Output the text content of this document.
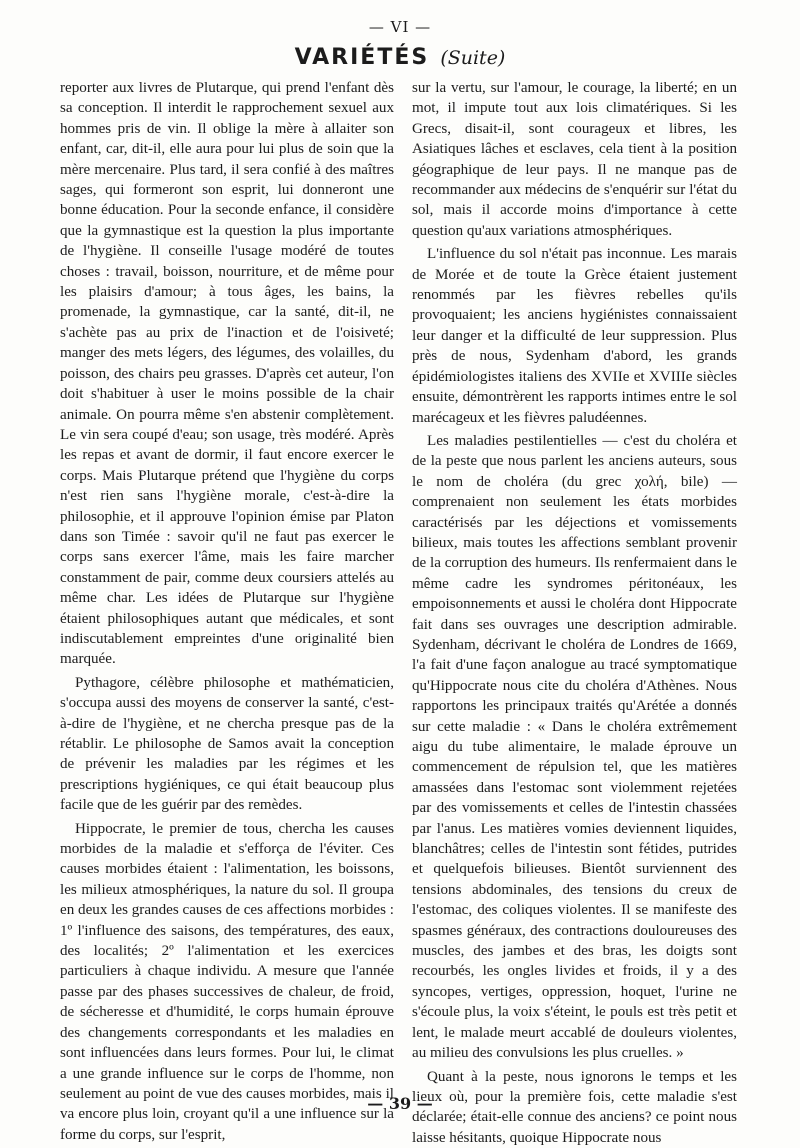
— VI —
VARIÉTÉS (Suite)

reporter aux livres de Plutarque, qui prend l'enfant dès sa conception. Il interdit le rapprochement sexuel aux hommes pris de vin. Il oblige la mère à allaiter son enfant, car, dit-il, elle aura pour lui plus de soin que la mère mercenaire. Plus tard, il sera confié à des maîtres sages, qui formeront son esprit, lui donneront une bonne éducation. Pour la seconde enfance, il considère que la gymnastique est la question la plus importante de l'hygiène. Il conseille l'usage modéré de toutes choses : travail, boisson, nourriture, et de même pour les plaisirs d'amour; à tous âges, les bains, la promenade, la gymnastique, car la santé, dit-il, ne s'achète pas au prix de l'inaction et de l'oisiveté; manger des mets légers, des légumes, des volailles, du poisson, des chairs peu grasses. D'après cet auteur, l'on doit s'habituer à user le moins possible de la chair animale. On pourra même s'en abstenir complètement. Le vin sera coupé d'eau; son usage, très modéré. Après les repas et avant de dormir, il faut encore exercer le corps. Mais Plutarque prétend que l'hygiène du corps n'est rien sans l'hygiène morale, c'est-à-dire la philosophie, et il approuve l'opinion émise par Platon dans son Timée : savoir qu'il ne faut pas exercer le corps sans exercer l'âme, mais les faire marcher constamment de pair, comme deux coursiers attelés au même char. Les idées de Plutarque sur l'hygiène étaient philosophiques autant que médicales, et sont indiscutablement empreintes d'une originalité bien marquée.

Pythagore, célèbre philosophe et mathématicien, s'occupa aussi des moyens de conserver la santé, c'est-à-dire de l'hygiène, et ne chercha presque pas de la rétablir. Le philosophe de Samos avait la conception de prévenir les maladies par les régimes et les prescriptions hygiéniques, ce qui était beaucoup plus facile que de les guérir par des remèdes.

Hippocrate, le premier de tous, chercha les causes morbides de la maladie et s'efforça de l'éviter. Ces causes morbides étaient : l'alimentation, les boissons, les milieux atmosphériques, la nature du sol. Il groupa en deux les grandes causes de ces affections morbides : 1º l'influence des saisons, des températures, des eaux, des localités; 2º l'alimentation et les exercices particuliers à chaque individu. A mesure que l'année passe par des phases successives de chaleur, de froid, de sécheresse et d'humidité, le corps humain éprouve des changements correspondants et les maladies en sont influencées dans leurs formes. Pour lui, le climat a une grande influence sur le corps de l'homme, non seulement au point de vue des causes morbides, mais il va encore plus loin, croyant qu'il a une influence sur la forme du corps, sur l'esprit,

sur la vertu, sur l'amour, le courage, la liberté; en un mot, il impute tout aux lois climatériques. Si les Grecs, disait-il, sont courageux et libres, les Asiatiques lâches et esclaves, cela tient à la position géographique de leur pays. Il ne manque pas de recommander aux médecins de s'enquérir sur l'état du sol, mais il accorde moins d'importance à cette question qu'aux variations atmosphériques.

L'influence du sol n'était pas inconnue. Les marais de Morée et de toute la Grèce étaient justement renommés par les fièvres rebelles qu'ils provoquaient; les anciens hygiénistes connaissaient leur danger et la difficulté de leur suppression. Plus près de nous, Sydenham d'abord, les grands épidémiologistes italiens des XVIIe et XVIIIe siècles ensuite, démontrèrent les rapports intimes entre le sol marécageux et les fièvres paludéennes.

Les maladies pestilentielles — c'est du choléra et de la peste que nous parlent les anciens auteurs, sous le nom de choléra (du grec χολή, bile) — comprenaient non seulement les états morbides caractérisés par les déjections et vomissements bilieux, mais toutes les affections semblant provenir de la corruption des humeurs. Ils renfermaient dans le même cadre les syndromes péritonéaux, les empoisonnements et aussi le choléra dont Hippocrate fait dans ses ouvrages une description admirable. Sydenham, décrivant le choléra de Londres de 1669, l'a fait d'une façon analogue au tracé symptomatique qu'Hippocrate nous cite du choléra d'Athènes. Nous rapportons les principaux traités qu'Arétée a donnés sur cette maladie : « Dans le choléra extrêmement aigu du tube alimentaire, le malade éprouve un commencement de répulsion tel, que les matières amassées dans l'estomac sont violemment rejetées par des vomissements et celles de l'intestin chassées par l'anus. Les matières vomies deviennent liquides, blanchâtres; celles de l'intestin sont fétides, putrides et quelquefois bilieuses. Bientôt surviennent des tensions abdominales, des tensions du creux de l'estomac, des coliques violentes. Il se manifeste des spasmes généraux, des contractions douloureuses des muscles, des jambes et des bras, les doigts sont recourbés, les ongles livides et froids, il y a des syncopes, vertiges, oppression, hoquet, l'urine ne s'écoule plus, la voix s'éteint, le pouls est très petit et lent, le malade meurt accablé de douleurs violentes, au milieu des convulsions les plus cruelles. »

Quant à la peste, nous ignorons le temps et les lieux où, pour la première fois, cette maladie s'est déclarée; était-elle connue des anciens? ce point nous laisse hésitants, quoique Hippocrate nous

— 39 —
